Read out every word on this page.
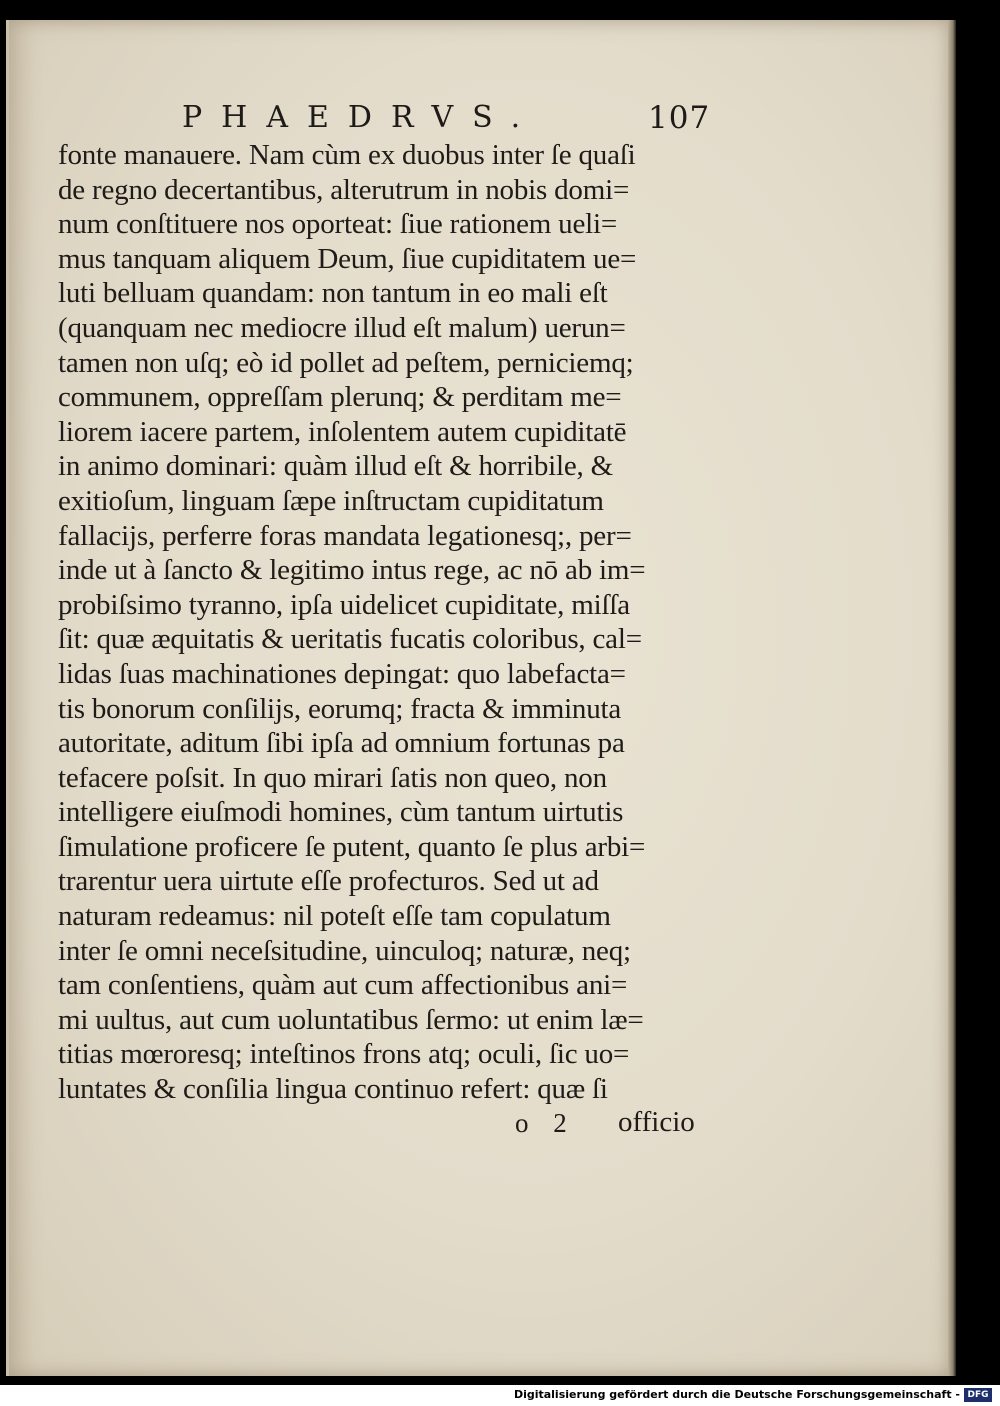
PHAEDRVS.	107
fonte manauere. Nam cùm ex duobus inter ſe quaſi
de regno decertantibus, alterutrum in nobis domi=
num conſtituere nos oporteat: ſiue rationem ueli=
mus tanquam aliquem Deum, ſiue cupiditatem ue=
luti belluam quandam: non tantum in eo mali eſt
(quanquam nec mediocre illud eſt malum) uerun=
tamen non uſq; eò id pollet ad peſtem, perniciemq;
communem, oppreſſam plerunq; & perditam me=
liorem iacere partem, inſolentem autem cupiditatē
in animo dominari: quàm illud eſt & horribile, &
exitioſum, linguam ſæpe inſtructam cupiditatum
fallacijs, perferre foras mandata legationesq;, per=
inde ut à ſancto & legitimo intus rege, ac nō ab im=
probiſsimo tyranno, ipſa uidelicet cupiditate, miſſa
ſit: quæ æquitatis & ueritatis fucatis coloribus, cal=
lidas ſuas machinationes depingat: quo labefacta=
tis bonorum conſilijs, eorumq; fracta & imminuta
autoritate, aditum ſibi ipſa ad omnium fortunas pa
tefacere poſsit. In quo mirari ſatis non queo, non
intelligere eiuſmodi homines, cùm tantum uirtutis
ſimulatione proficere ſe putent, quanto ſe plus arbi=
trarentur uera uirtute eſſe profecturos. Sed ut ad
naturam redeamus: nil poteſt eſſe tam copulatum
inter ſe omni neceſsitudine, uinculoq; naturæ, neq;
tam conſentiens, quàm aut cum affectionibus ani=
mi uultus, aut cum uoluntatibus ſermo: ut enim læ=
titias mœroresq; inteſtinos frons atq; oculi, ſic uo=
luntates & conſilia lingua continuo refert: quæ ſi
o 2 officio
Digitalisierung gefördert durch die Deutsche Forschungsgemeinschaft - DFG
